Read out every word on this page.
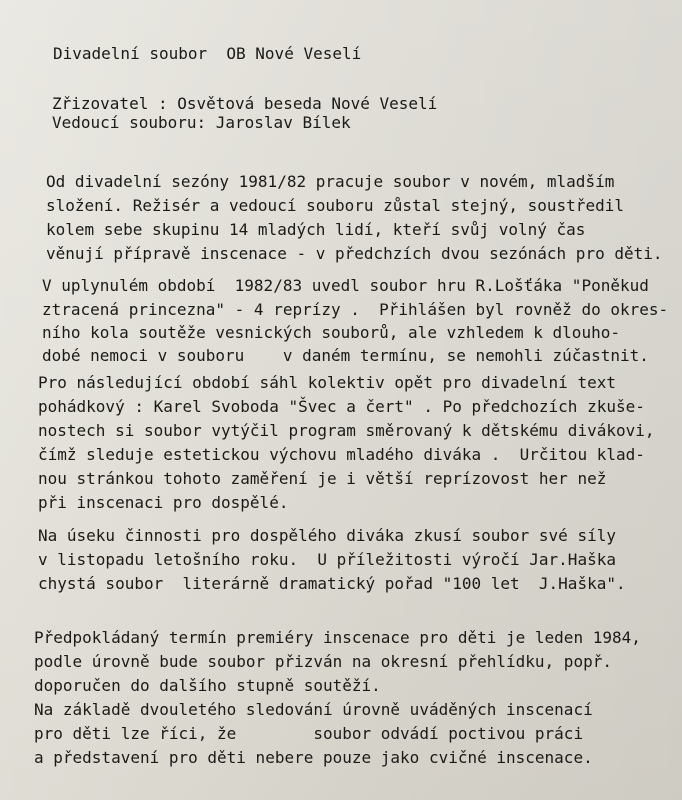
Divadelní soubor  OB Nové Veselí
Zřizovatel : Osvětová beseda Nové Veselí
Vedoucí souboru: Jaroslav Bílek
Od divadelní sezóny 1981/82 pracuje soubor v novém, mladším
složení. Režisér a vedoucí souboru zůstal stejný, soustředil
kolem sebe skupinu 14 mladých lidí, kteří svůj volný čas
věnují přípravě inscenace - v předchzích dvou sezónách pro děti.
V uplynulém období  1982/83 uvedl soubor hru R.Lošťáka "Poněkud
ztracená princezna" - 4 reprízy .  Přihlášen byl rovněž do okres-
ního kola soutěže vesnických souborů, ale vzhledem k dlouho-
dobé nemoci v souboru    v daném termínu, se nemohli zúčastnit.
Pro následující období sáhl kolektiv opět pro divadelní text
pohádkový : Karel Svoboda "Švec a čert" . Po předchozích zkuše-
nostech si soubor vytýčil program směrovaný k dětskému divákovi,
čímž sleduje estetickou výchovu mladého diváka .  Určitou klad-
nou stránkou tohoto zaměření je i větší reprízovost her než
při inscenaci pro dospělé.
Na úseku činnosti pro dospělého diváka zkusí soubor své síly
v listopadu letošního roku.  U příležitosti výročí Jar.Haška
chystá soubor  literárně dramatický pořad "100 let  J.Haška".
Předpokládaný termín premiéry inscenace pro děti je leden 1984,
podle úrovně bude soubor přizván na okresní přehlídku, popř.
doporučen do dalšího stupně soutěží.
Na základě dvouletého sledování úrovně uváděných inscenací
pro děti lze říci, že        soubor odvádí poctivou práci
a představení pro děti nebere pouze jako cvičné inscenace.
